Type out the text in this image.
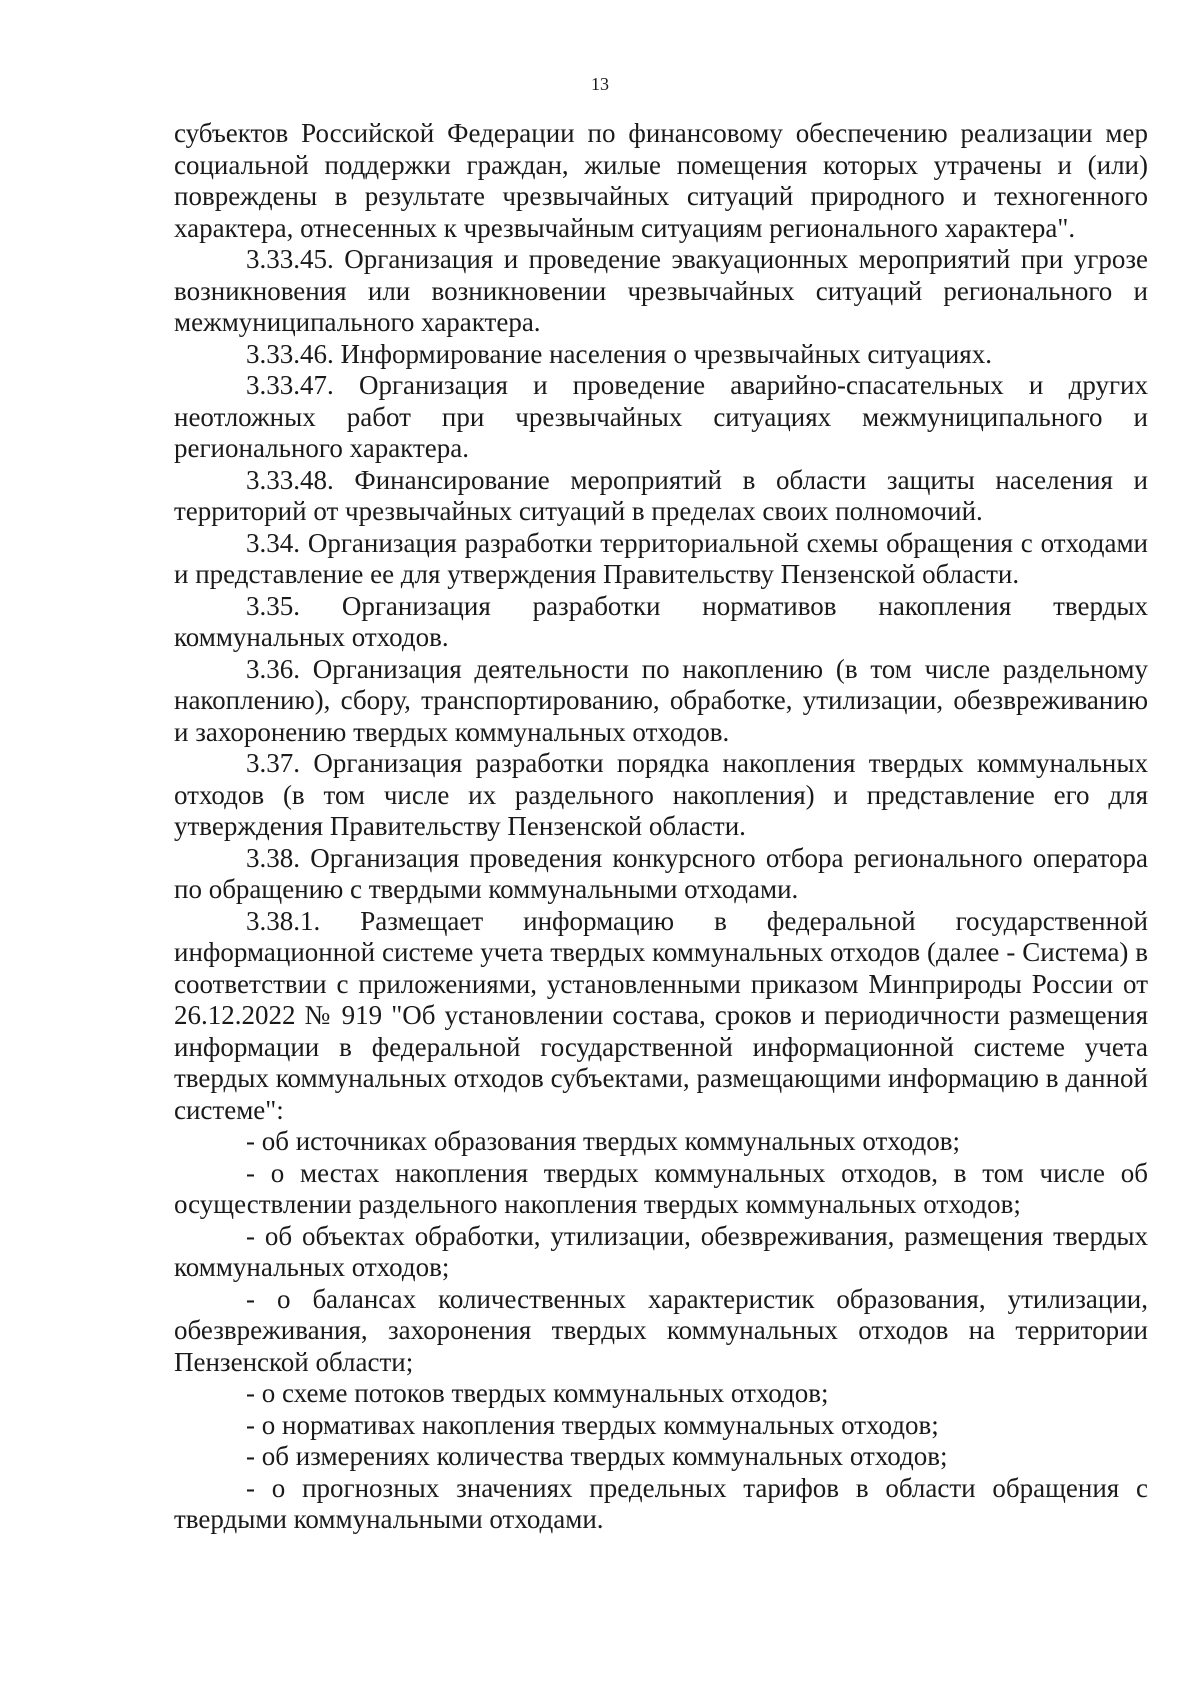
13

субъектов Российской Федерации по финансовому обеспечению реализации мер социальной поддержки граждан, жилые помещения которых утрачены и (или) повреждены в результате чрезвычайных ситуаций природного и техногенного характера, отнесенных к чрезвычайным ситуациям регионального характера".

3.33.45. Организация и проведение эвакуационных мероприятий при угрозе возникновения или возникновении чрезвычайных ситуаций регионального и межмуниципального характера.

3.33.46. Информирование населения о чрезвычайных ситуациях.

3.33.47. Организация и проведение аварийно-спасательных и других неотложных работ при чрезвычайных ситуациях межмуниципального и регионального характера.

3.33.48. Финансирование мероприятий в области защиты населения и территорий от чрезвычайных ситуаций в пределах своих полномочий.

3.34. Организация разработки территориальной схемы обращения с отходами и представление ее для утверждения Правительству Пензенской области.

3.35. Организация разработки нормативов накопления твердых коммунальных отходов.

3.36. Организация деятельности по накоплению (в том числе раздельному накоплению), сбору, транспортированию, обработке, утилизации, обезвреживанию и захоронению твердых коммунальных отходов.

3.37. Организация разработки порядка накопления твердых коммунальных отходов (в том числе их раздельного накопления) и представление его для утверждения Правительству Пензенской области.

3.38. Организация проведения конкурсного отбора регионального оператора по обращению с твердыми коммунальными отходами.

3.38.1. Размещает информацию в федеральной государственной информационной системе учета твердых коммунальных отходов (далее - Система) в соответствии с приложениями, установленными приказом Минприроды России от 26.12.2022 № 919 "Об установлении состава, сроков и периодичности размещения информации в федеральной государственной информационной системе учета твердых коммунальных отходов субъектами, размещающими информацию в данной системе":

- об источниках образования твердых коммунальных отходов;

- о местах накопления твердых коммунальных отходов, в том числе об осуществлении раздельного накопления твердых коммунальных отходов;

- об объектах обработки, утилизации, обезвреживания, размещения твердых коммунальных отходов;

- о балансах количественных характеристик образования, утилизации, обезвреживания, захоронения твердых коммунальных отходов на территории Пензенской области;

- о схеме потоков твердых коммунальных отходов;

- о нормативах накопления твердых коммунальных отходов;

- об измерениях количества твердых коммунальных отходов;

- о прогнозных значениях предельных тарифов в области обращения с твердыми коммунальными отходами.
